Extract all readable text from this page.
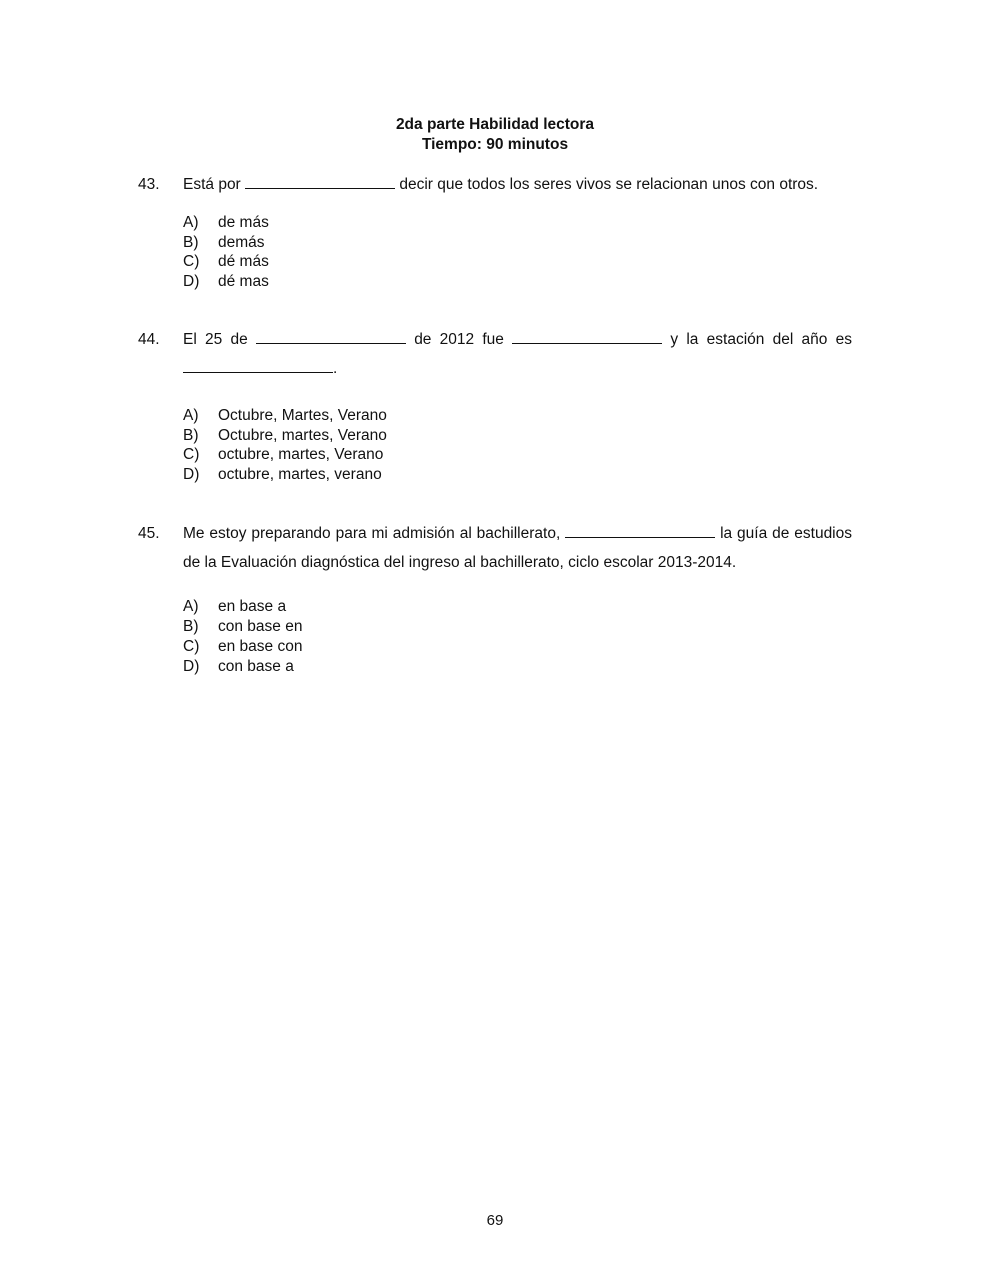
2da parte Habilidad lectora
Tiempo: 90 minutos
43. Está por	decir que todos los seres vivos se relacionan unos con otros.
A) de más
B) demás
C) dé más
D) dé mas
44. El 25 de	de 2012 fue	y la estación del año es .
A) Octubre, Martes, Verano
B) Octubre, martes, Verano
C) octubre, martes, Verano
D) octubre, martes, verano
45. Me estoy preparando para mi admisión al bachillerato,	la guía de estudios de la Evaluación diagnóstica del ingreso al bachillerato, ciclo escolar 2013-2014.
A) en base a
B) con base en
C) en base con
D) con base a
69
